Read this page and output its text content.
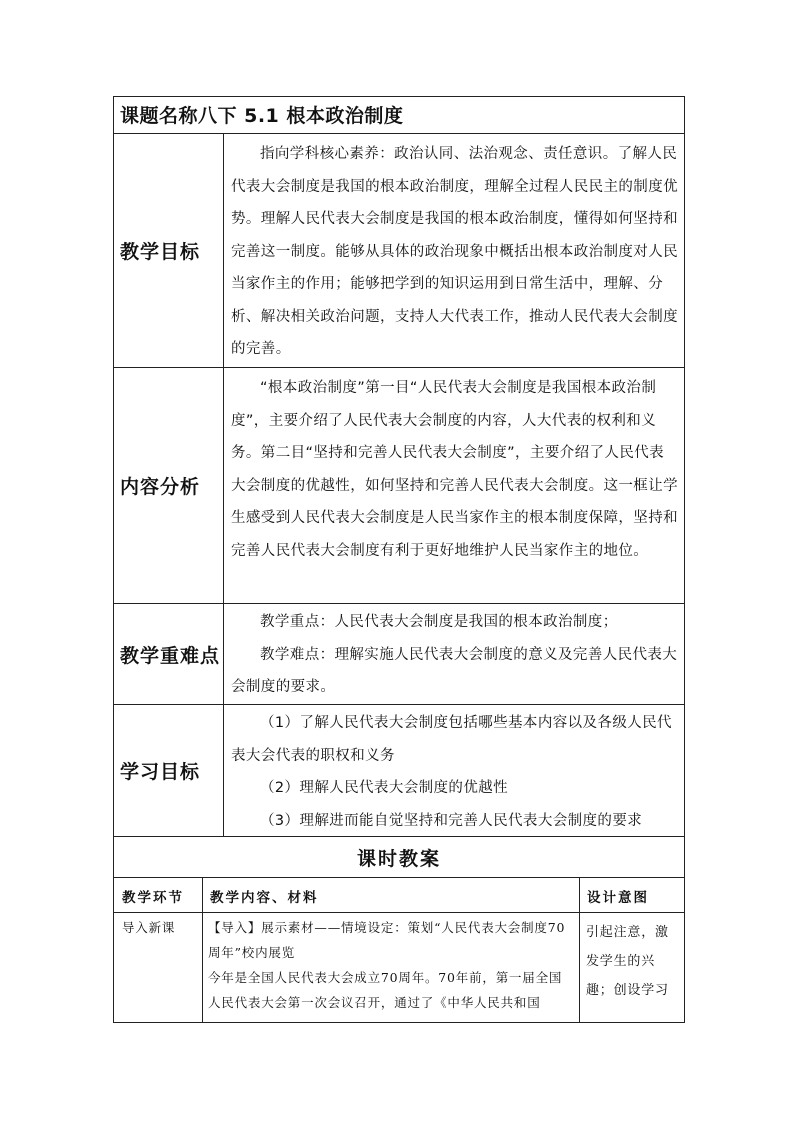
课题名称八下 5.1 根本政治制度
教学目标

指向学科核心素养：政治认同、法治观念、责任意识。了解人民代表大会制度是我国的根本政治制度，理解全过程人民民主的制度优势。理解人民代表大会制度是我国的根本政治制度，懂得如何坚持和完善这一制度。能够从具体的政治现象中概括出根本政治制度对人民当家作主的作用；能够把学到的知识运用到日常生活中，理解、分析、解决相关政治问题，支持人大代表工作，推动人民代表大会制度的完善。

内容分析

“根本政治制度”第一目“人民代表大会制度是我国根本政治制度”，主要介绍了人民代表大会制度的内容，人大代表的权利和义务。第二目“坚持和完善人民代表大会制度”，主要介绍了人民代表大会制度的优越性，如何坚持和完善人民代表大会制度。这一框让学生感受到人民代表大会制度是人民当家作主的根本制度保障，坚持和完善人民代表大会制度有利于更好地维护人民当家作主的地位。

教学重难点

教学重点：人民代表大会制度是我国的根本政治制度；

教学难点：理解实施人民代表大会制度的意义及完善人民代表大会制度的要求。

学习目标

（1）了解人民代表大会制度包括哪些基本内容以及各级人民代表大会代表的职权和义务

（2）理解人民代表大会制度的优越性

（3）理解进而能自觉坚持和完善人民代表大会制度的要求

课时教案
教学环节 教学内容、材料	设计意图
导入新课	【导入】展示素材——情境设定：策划“人民代表大会制度70周年”校内展览
今年是全国人民代表大会成立70周年。70年前，第一届全国人民代表大会第一次会议召开，通过了《中华人民共和国
引起注意，激
发学生的兴
趣；创设学习
